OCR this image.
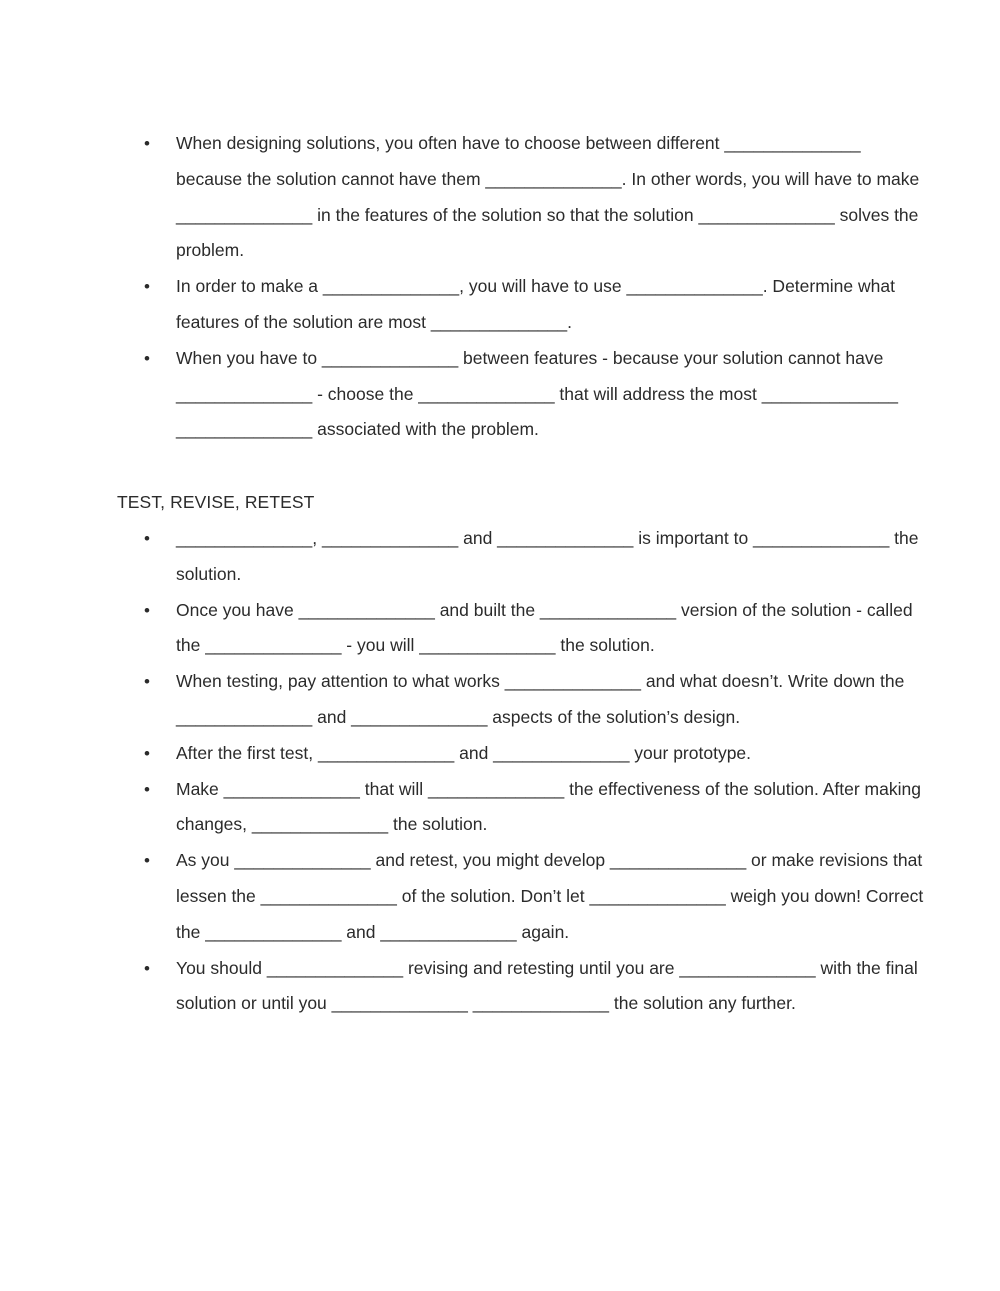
• When designing solutions, you often have to choose between different ______________
because the solution cannot have them ______________. In other words, you will have to make
______________ in the features of the solution so that the solution ______________ solves the
problem.
• In order to make a ______________, you will have to use ______________. Determine what
features of the solution are most ______________.
• When you have to ______________ between features - because your solution cannot have
______________ - choose the ______________ that will address the most ______________
______________ associated with the problem.
TEST, REVISE, RETEST
• ______________, ______________ and ______________ is important to ______________ the
solution.
• Once you have ______________ and built the ______________ version of the solution - called
the ______________ - you will ______________ the solution.
• When testing, pay attention to what works ______________ and what doesn’t. Write down the
______________ and ______________ aspects of the solution’s design.
• After the first test, ______________ and ______________ your prototype.
• Make ______________ that will ______________ the effectiveness of the solution. After making
changes, ______________ the solution.
• As you ______________ and retest, you might develop ______________ or make revisions that
lessen the ______________ of the solution. Don’t let ______________ weigh you down! Correct
the ______________ and ______________ again.
• You should ______________ revising and retesting until you are ______________ with the final
solution or until you ______________ ______________ the solution any further.
